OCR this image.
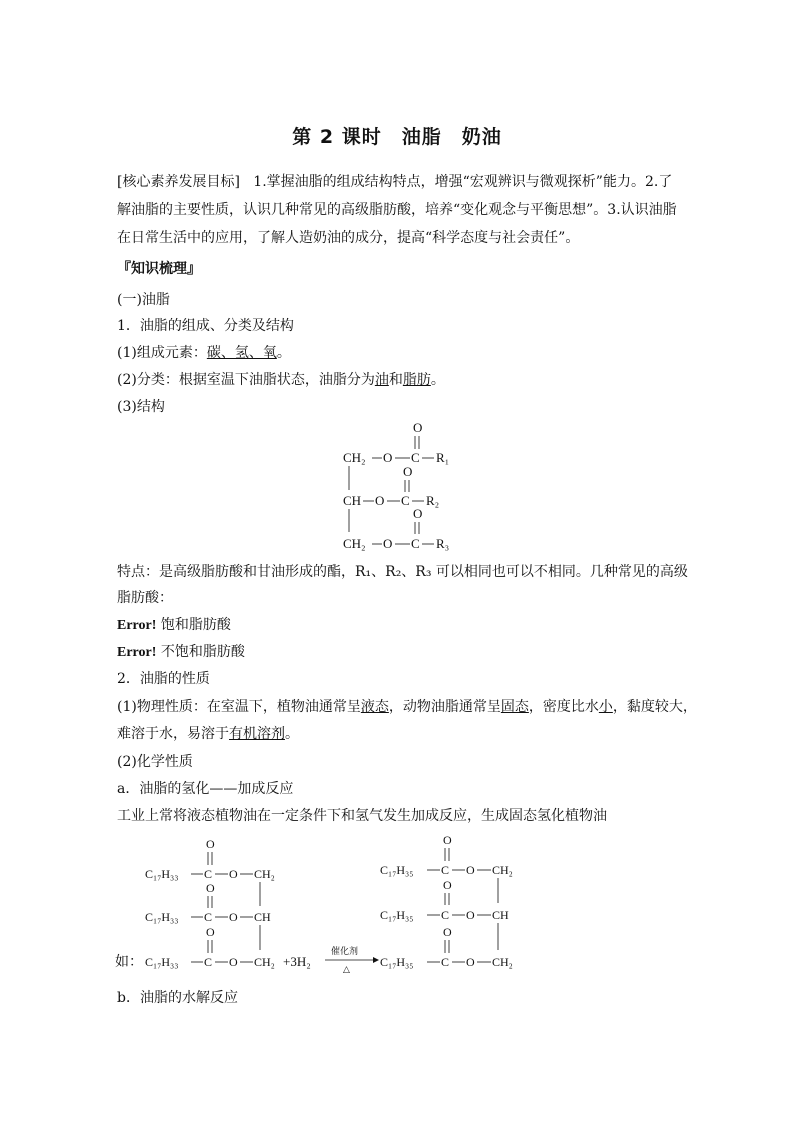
第 2 课时　油脂　奶油
[核心素养发展目标] 1.掌握油脂的组成结构特点，增强“宏观辨识与微观探析”能力。2.了
解油脂的主要性质，认识几种常见的高级脂肪酸，培养“变化观念与平衡思想”。3.认识油脂
在日常生活中的应用，了解人造奶油的成分，提高“科学态度与社会责任”。
『知识梳理』
(一)油脂
1．油脂的组成、分类及结构
(1)组成元素：碳、氢、氧。
(2)分类：根据室温下油脂状态，油脂分为油和脂肪。
(3)结构
O
CH₂ O C R₁
O
CH O C R₂
O
CH₂ O C R₃
特点：是高级脂肪酸和甘油形成的酯，R₁、R₂、R₃ 可以相同也可以不相同。几种常见的高级
脂肪酸：
Error! 饱和脂肪酸
Error! 不饱和脂肪酸
2．油脂的性质
(1)物理性质：在室温下，植物油通常呈液态，动物油脂通常呈固态，密度比水小，黏度较大，
难溶于水，易溶于有机溶剂。
(2)化学性质
a．油脂的氢化——加成反应
工业上常将液态植物油在一定条件下和氢气发生加成反应，生成固态氢化植物油
O
C₁₇H₃₃ C O CH₂
O
C₁₇H₃₃ C O CH
O
如： C₁₇H₃₃ C O CH₂ +3H₂
催化剂
△
O
C₁₇H₃₅ C O CH₂
O
C₁₇H₃₅ C O CH
O
C₁₇H₃₅ C O CH₂
b．油脂的水解反应
